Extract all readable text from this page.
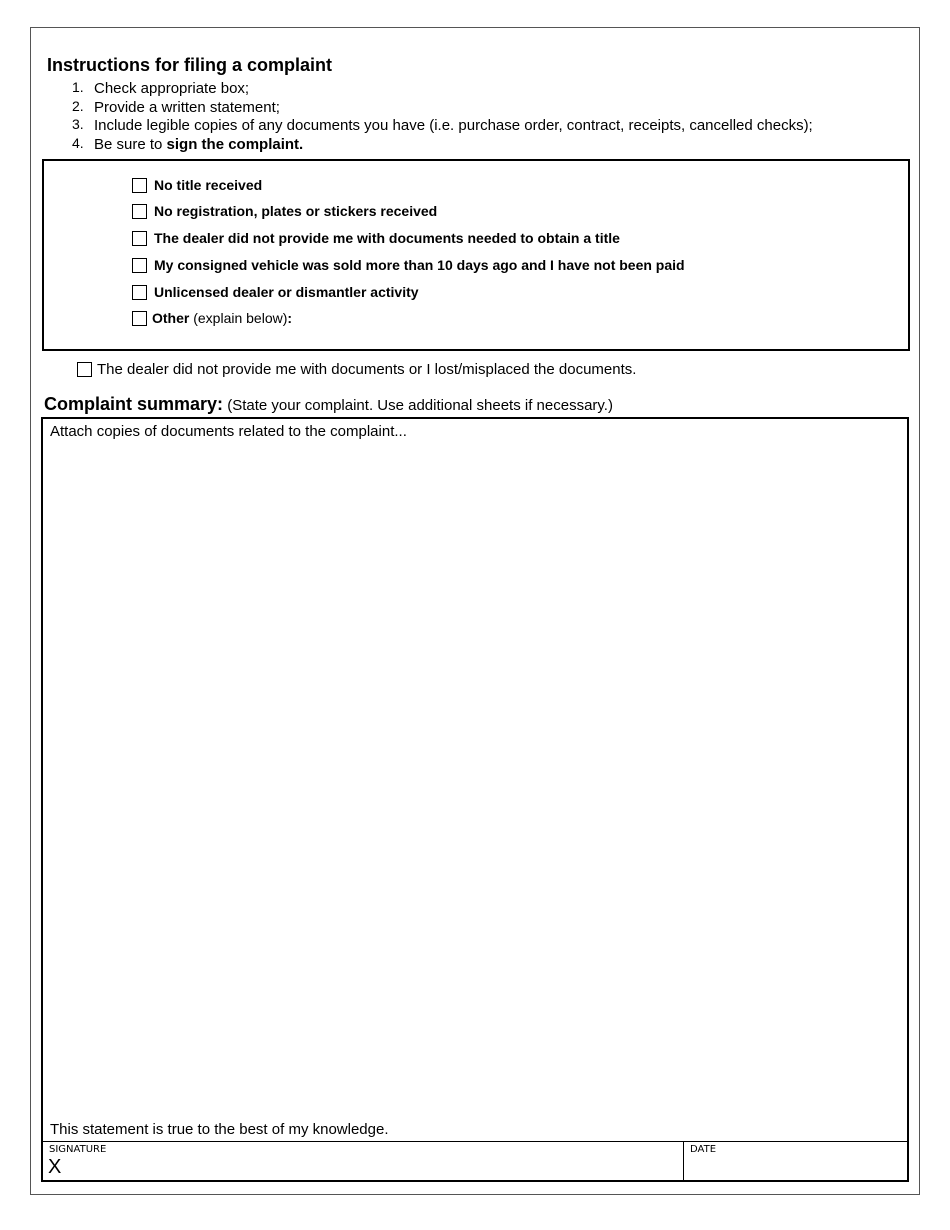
Instructions for filing a complaint
1. Check appropriate box;
2. Provide a written statement;
3. Include legible copies of any documents you have (i.e. purchase order, contract, receipts, cancelled checks);
4. Be sure to sign the complaint.
No title received
No registration, plates or stickers received
The dealer did not provide me with documents needed to obtain a title
My consigned vehicle was sold more than 10 days ago and I have not been paid
Unlicensed dealer or dismantler activity
Other (explain below) :
The dealer did not provide me with documents or I lost/misplaced the documents.
Complaint summary: (State your complaint. Use additional sheets if necessary.)
Attach copies of documents related to the complaint...
This statement is true to the best of my knowledge.
SIGNATURE
X
DATE
